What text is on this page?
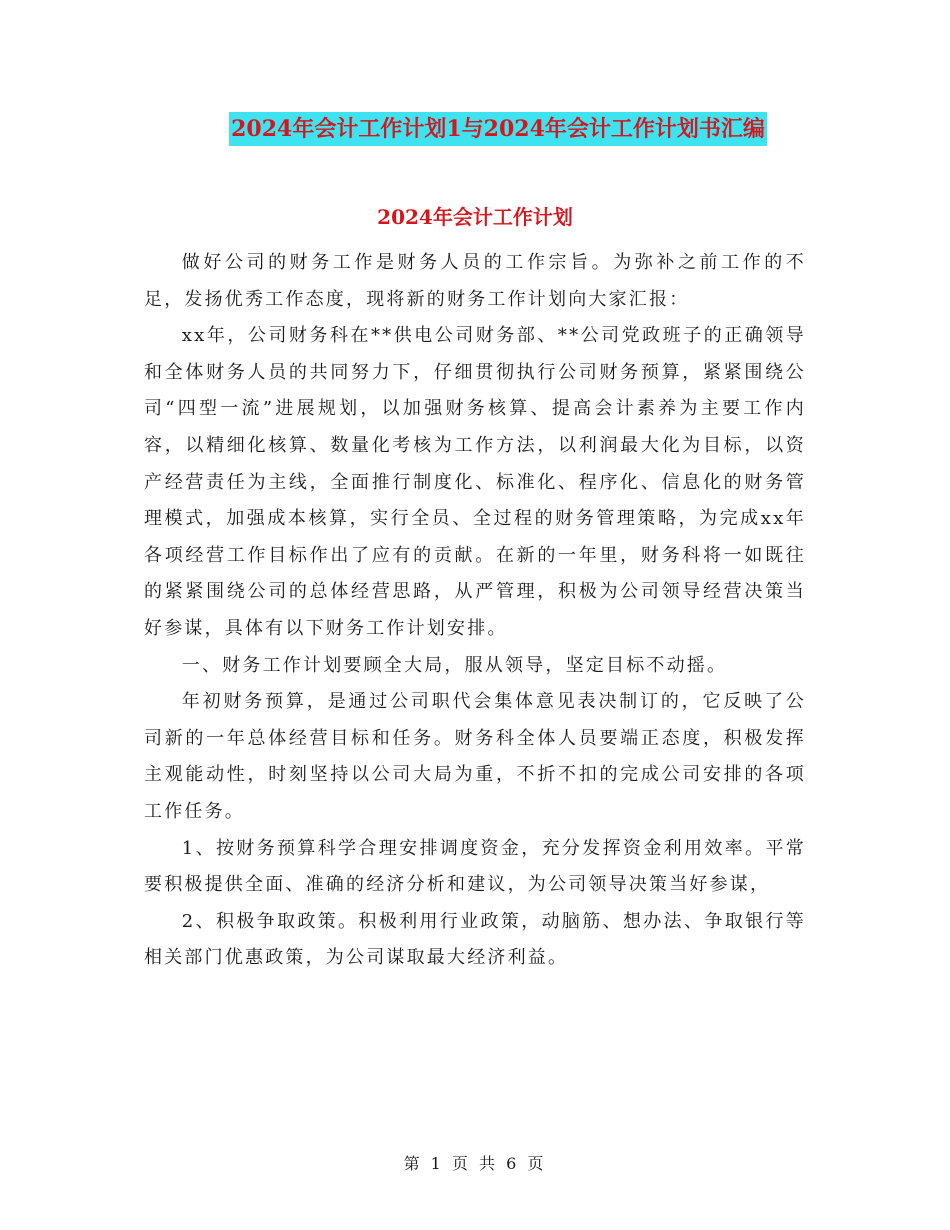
2024年会计工作计划1与2024年会计工作计划书汇编
2024年会计工作计划

做好公司的财务工作是财务人员的工作宗旨。为弥补之前工作的不足，发扬优秀工作态度，现将新的财务工作计划向大家汇报：

xx年，公司财务科在**供电公司财务部、**公司党政班子的正确领导和全体财务人员的共同努力下，仔细贯彻执行公司财务预算，紧紧围绕公司“四型一流”进展规划，以加强财务核算、提高会计素养为主要工作内容，以精细化核算、数量化考核为工作方法，以利润最大化为目标，以资产经营责任为主线，全面推行制度化、标准化、程序化、信息化的财务管理模式，加强成本核算，实行全员、全过程的财务管理策略，为完成xx年各项经营工作目标作出了应有的贡献。在新的一年里，财务科将一如既往的紧紧围绕公司的总体经营思路，从严管理，积极为公司领导经营决策当好参谋，具体有以下财务工作计划安排。

一、财务工作计划要顾全大局，服从领导，坚定目标不动摇。

年初财务预算，是通过公司职代会集体意见表决制订的，它反映了公司新的一年总体经营目标和任务。财务科全体人员要端正态度，积极发挥主观能动性，时刻坚持以公司大局为重，不折不扣的完成公司安排的各项工作任务。

1、按财务预算科学合理安排调度资金，充分发挥资金利用效率。平常要积极提供全面、准确的经济分析和建议，为公司领导决策当好参谋，

2、积极争取政策。积极利用行业政策，动脑筋、想办法、争取银行等相关部门优惠政策，为公司谋取最大经济利益。

第 1 页 共 6 页
